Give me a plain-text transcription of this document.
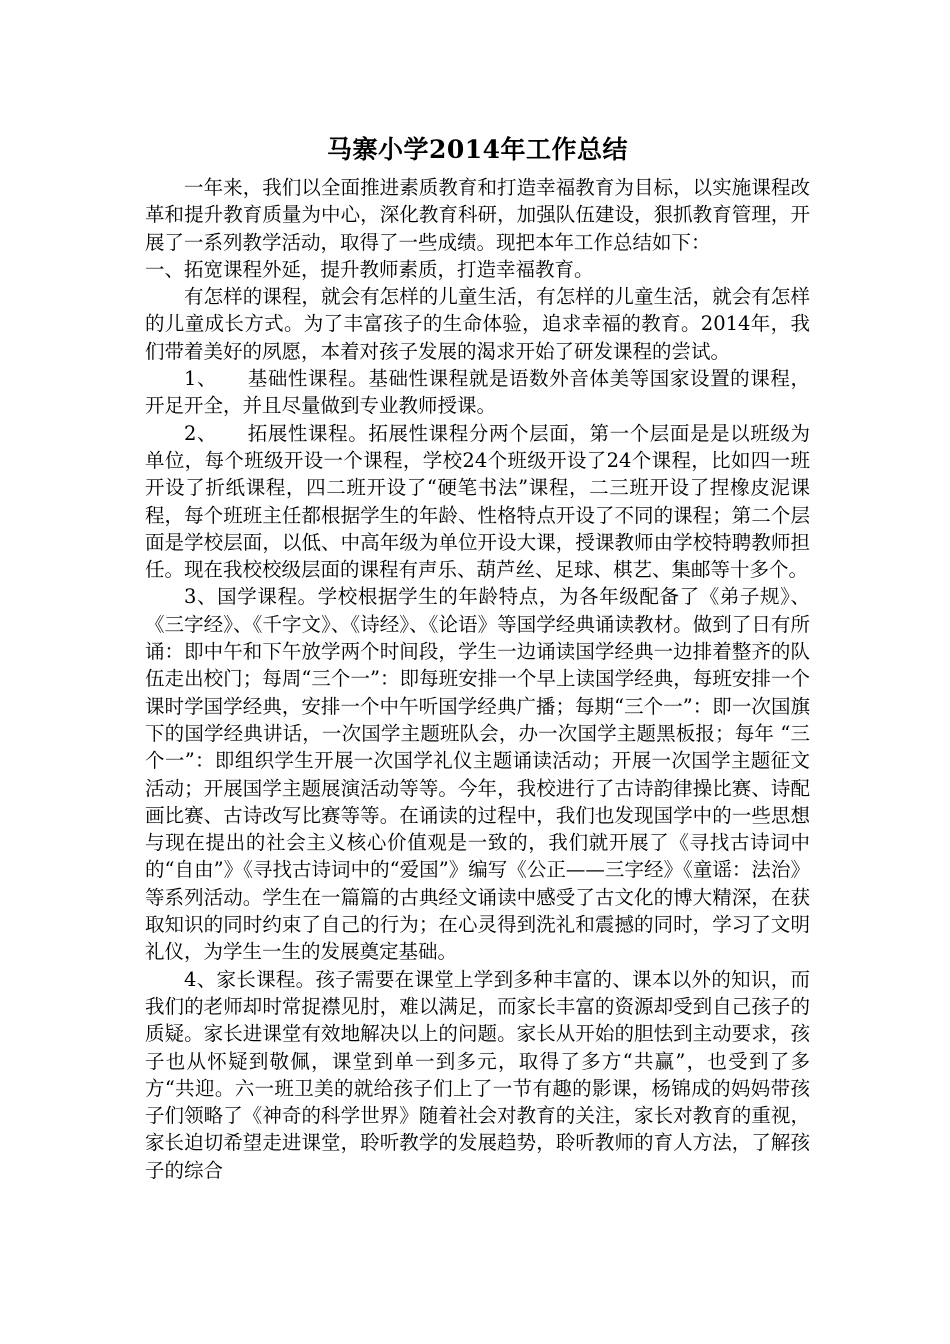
马寨小学2014年工作总结

一年来，我们以全面推进素质教育和打造幸福教育为目标，以实施课程改革和提升教育质量为中心，深化教育科研，加强队伍建设，狠抓教育管理，开展了一系列教学活动，取得了一些成绩。现把本年工作总结如下：

一、拓宽课程外延，提升教师素质，打造幸福教育。

有怎样的课程，就会有怎样的儿童生活，有怎样的儿童生活，就会有怎样的儿童成长方式。为了丰富孩子的生命体验，追求幸福的教育。2014年，我们带着美好的夙愿，本着对孩子发展的渴求开始了研发课程的尝试。

1、 基础性课程。基础性课程就是语数外音体美等国家设置的课程，开足开全，并且尽量做到专业教师授课。

2、 拓展性课程。拓展性课程分两个层面，第一个层面是是以班级为单位，每个班级开设一个课程，学校24个班级开设了24个课程，比如四一班开设了折纸课程，四二班开设了“硬笔书法”课程，二三班开设了捏橡皮泥课程，每个班班主任都根据学生的年龄、性格特点开设了不同的课程；第二个层面是学校层面，以低、中高年级为单位开设大课，授课教师由学校特聘教师担任。现在我校校级层面的课程有声乐、葫芦丝、足球、棋艺、集邮等十多个。

3、国学课程。学校根据学生的年龄特点，为各年级配备了《弟子规》、《三字经》、《千字文》、《诗经》、《论语》等国学经典诵读教材。做到了日有所诵：即中午和下午放学两个时间段，学生一边诵读国学经典一边排着整齐的队伍走出校门；每周“三个一”：即每班安排一个早上读国学经典，每班安排一个课时学国学经典，安排一个中午听国学经典广播；每期“三个一”：即一次国旗下的国学经典讲话，一次国学主题班队会，办一次国学主题黑板报；每年 “三个一”：即组织学生开展一次国学礼仪主题诵读活动；开展一次国学主题征文活动；开展国学主题展演活动等等。今年，我校进行了古诗韵律操比赛、诗配画比赛、古诗改写比赛等等。在诵读的过程中，我们也发现国学中的一些思想与现在提出的社会主义核心价值观是一致的，我们就开展了《寻找古诗词中的“自由”》《寻找古诗词中的“爱国”》编写《公正——三字经》《童谣：法治》等系列活动。学生在一篇篇的古典经文诵读中感受了古文化的博大精深，在获取知识的同时约束了自己的行为；在心灵得到洗礼和震撼的同时，学习了文明礼仪，为学生一生的发展奠定基础。

4、家长课程。孩子需要在课堂上学到多种丰富的、课本以外的知识，而我们的老师却时常捉襟见肘，难以满足，而家长丰富的资源却受到自己孩子的质疑。家长进课堂有效地解决以上的问题。家长从开始的胆怯到主动要求，孩子也从怀疑到敬佩，课堂到单一到多元，取得了多方“共赢”，也受到了多方“共迎。六一班卫美的就给孩子们上了一节有趣的影课，杨锦成的妈妈带孩子们领略了《神奇的科学世界》随着社会对教育的关注，家长对教育的重视，家长迫切希望走进课堂，聆听教学的发展趋势，聆听教师的育人方法，了解孩子的综合
